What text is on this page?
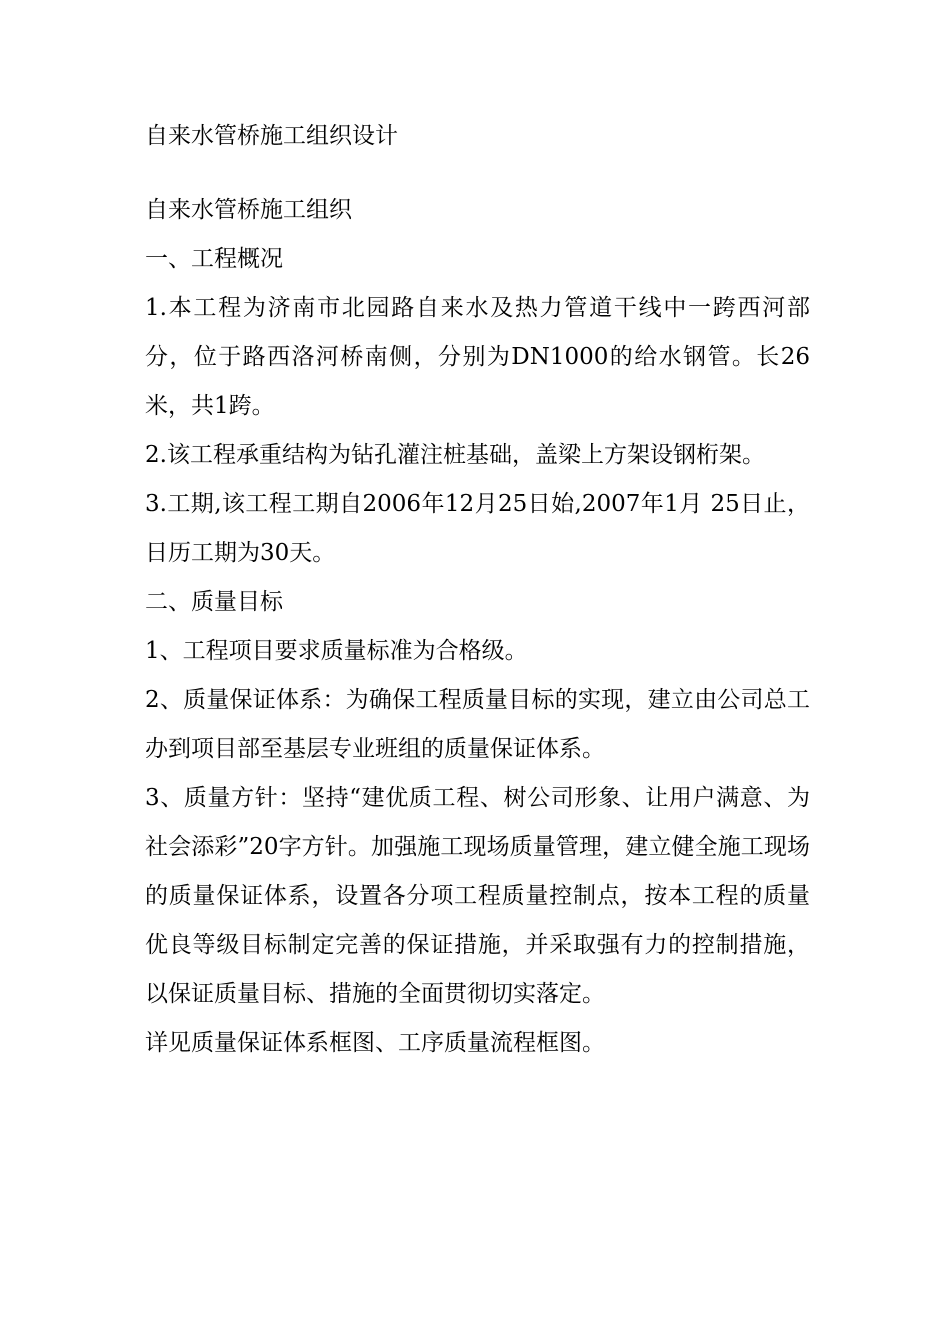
自来水管桥施工组织设计

自来水管桥施工组织

一、工程概况

1.本工程为济南市北园路自来水及热力管道干线中一跨西河部分，位于路西洛河桥南侧，分别为DN1000的给水钢管。长26米，共1跨。

2.该工程承重结构为钻孔灌注桩基础，盖梁上方架设钢桁架。

3.工期,该工程工期自2006年12月25日始,2007年1月 25日止，日历工期为30天。

二、质量目标

1、工程项目要求质量标准为合格级。

2、质量保证体系：为确保工程质量目标的实现，建立由公司总工办到项目部至基层专业班组的质量保证体系。

3、质量方针：坚持“建优质工程、树公司形象、让用户满意、为社会添彩”20字方针。加强施工现场质量管理，建立健全施工现场的质量保证体系，设置各分项工程质量控制点，按本工程的质量优良等级目标制定完善的保证措施，并采取强有力的控制措施，以保证质量目标、措施的全面贯彻切实落定。

详见质量保证体系框图、工序质量流程框图。
